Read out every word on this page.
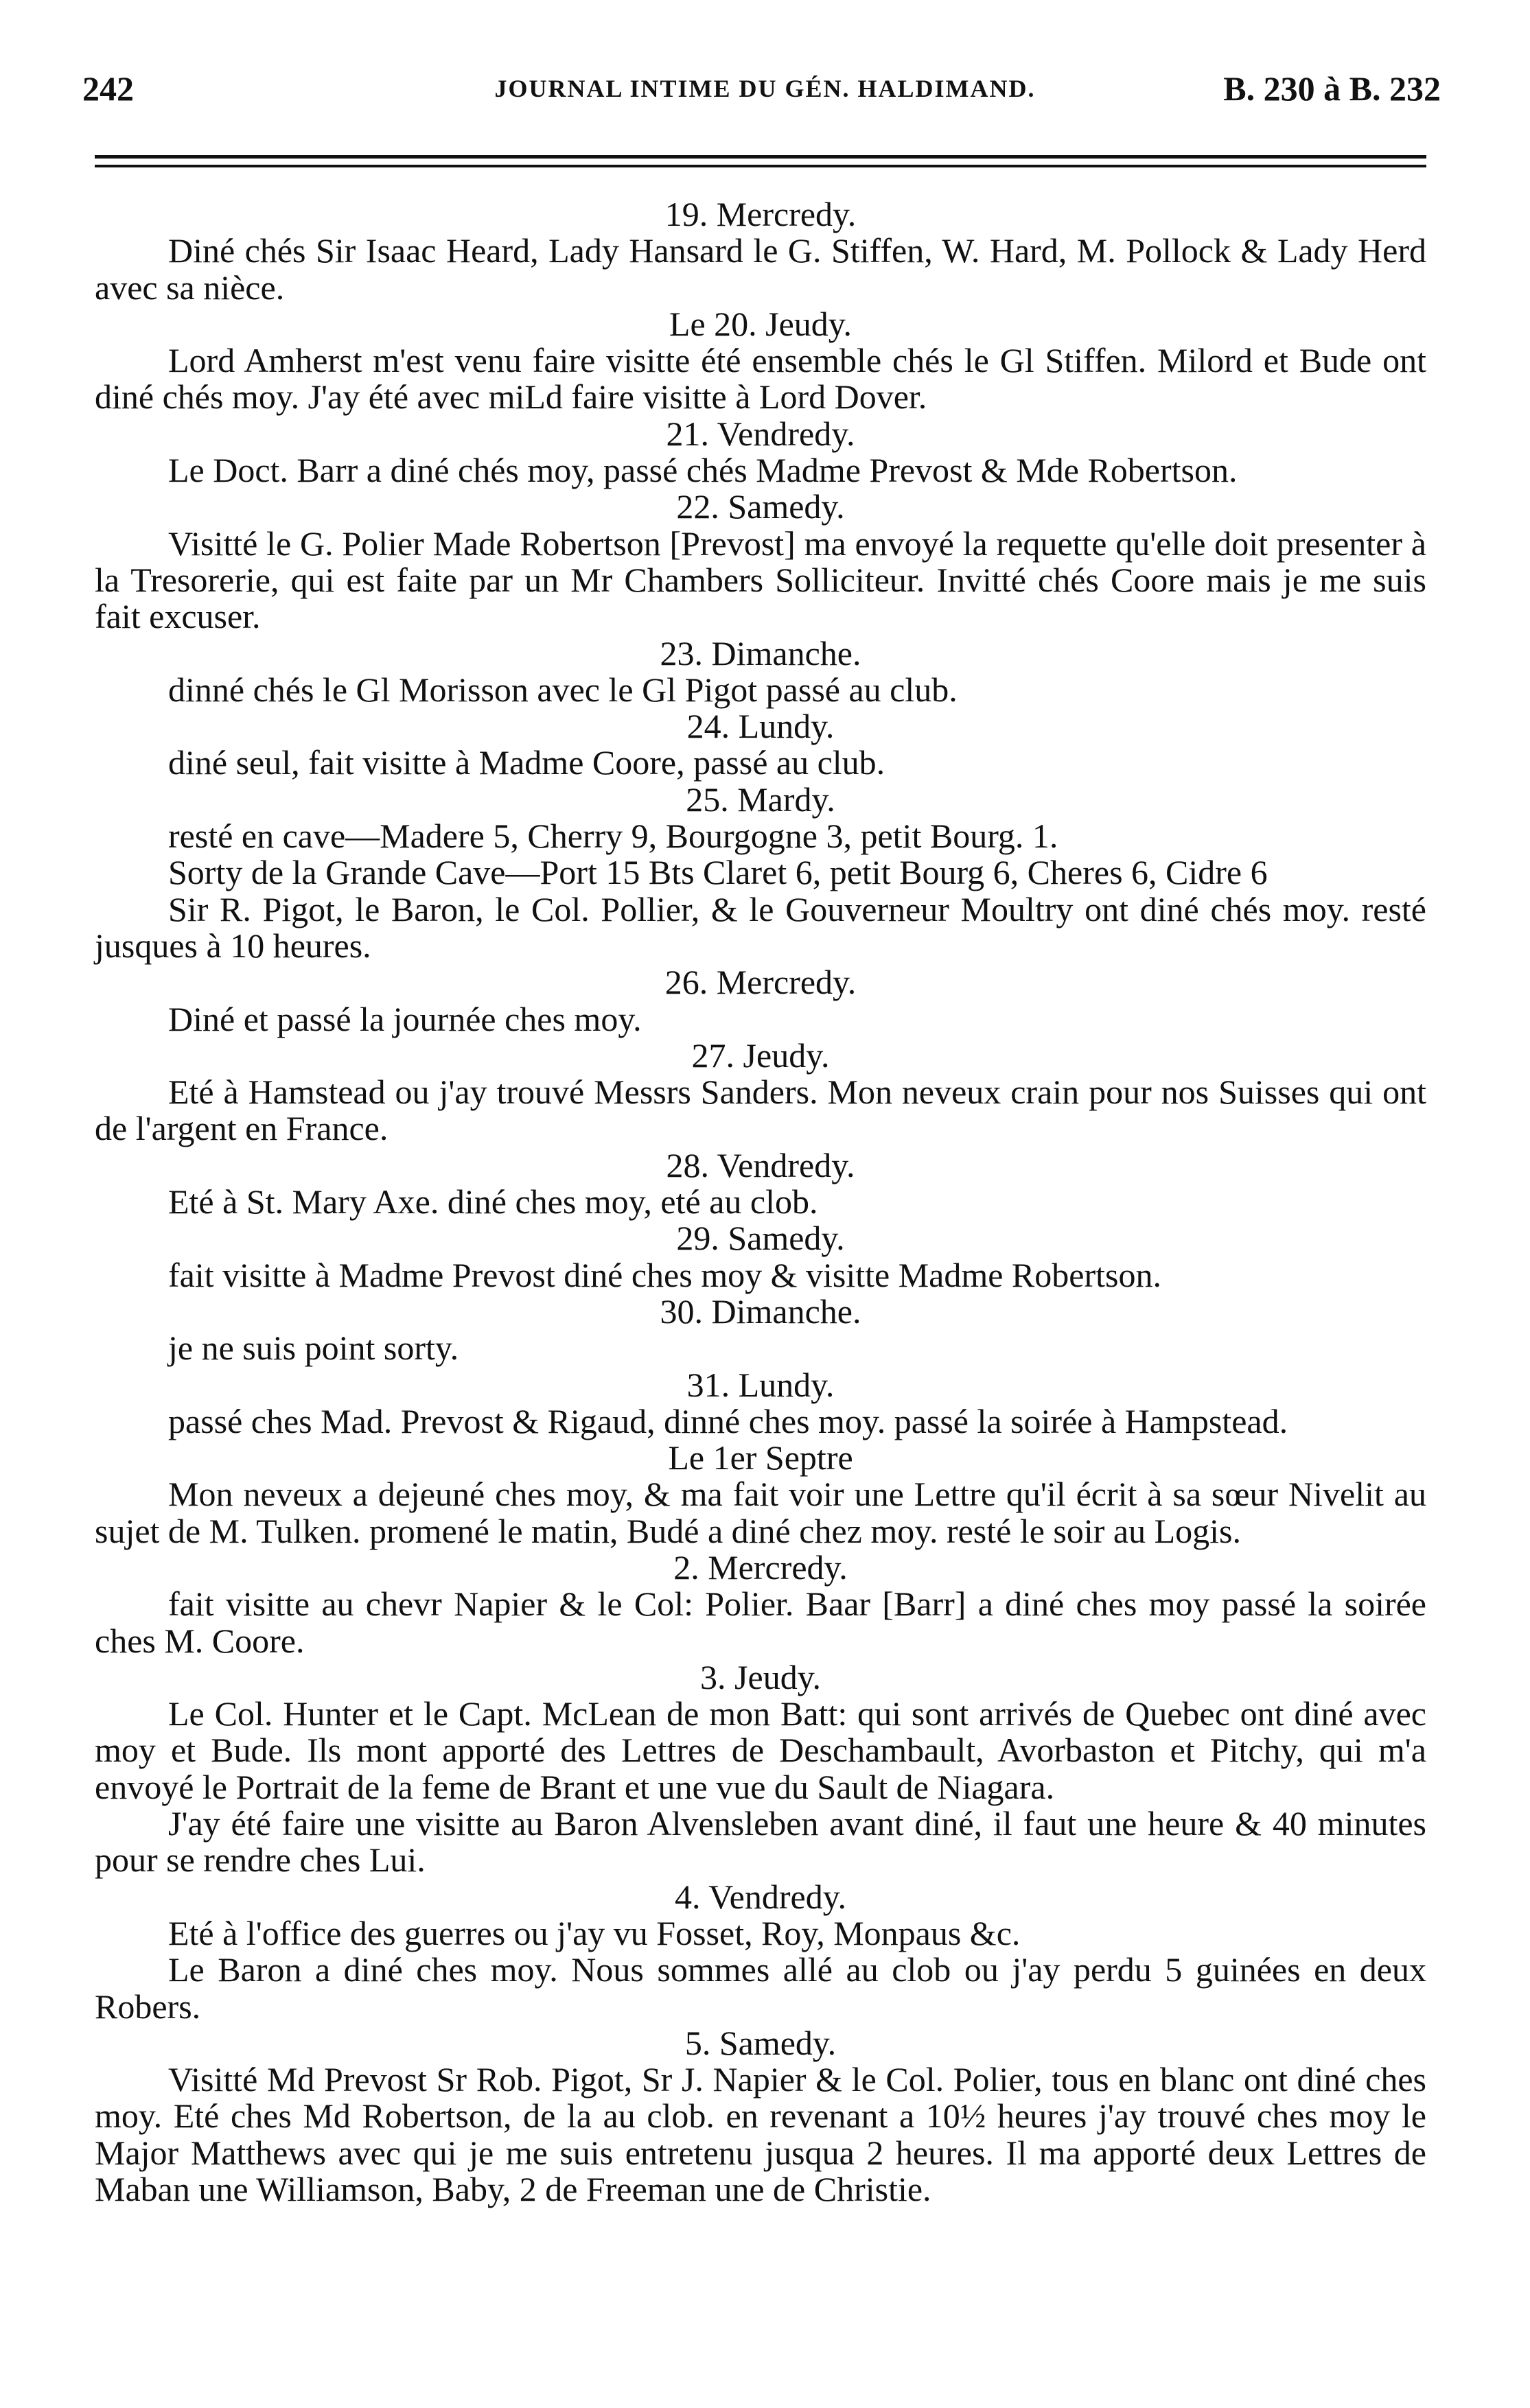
242	JOURNAL INTIME DU GÉN. HALDIMAND.	B. 230 à B. 232

19. Mercredy.

Diné chés Sir Isaac Heard, Lady Hansard le G. Stiffen, W. Hard, M. Pollock & Lady Herd avec sa nièce.

Le 20. Jeudy.

Lord Amherst m'est venu faire visitte été ensemble chés le Gl Stiffen. Milord et Bude ont diné chés moy. J'ay été avec miLd faire visitte à Lord Dover.

21. Vendredy.

Le Doct. Barr a diné chés moy, passé chés Madme Prevost & Mde Robertson.

22. Samedy.

Visitté le G. Polier Made Robertson [Prevost] ma envoyé la requette qu'elle doit presenter à la Tresorerie, qui est faite par un Mr Chambers Solliciteur. Invitté chés Coore mais je me suis fait excuser.

23. Dimanche.

dinné chés le Gl Morisson avec le Gl Pigot passé au club.

24. Lundy.

diné seul, fait visitte à Madme Coore, passé au club.

25. Mardy.

resté en cave—Madere 5, Cherry 9, Bourgogne 3, petit Bourg. 1.

Sorty de la Grande Cave—Port 15 Bts Claret 6, petit Bourg 6, Cheres 6, Cidre 6

Sir R. Pigot, le Baron, le Col. Pollier, & le Gouverneur Moultry ont diné chés moy. resté jusques à 10 heures.

26. Mercredy.

Diné et passé la journée ches moy.

27. Jeudy.

Eté à Hamstead ou j'ay trouvé Messrs Sanders. Mon neveux crain pour nos Suisses qui ont de l'argent en France.

28. Vendredy.

Eté à St. Mary Axe. diné ches moy, eté au clob.

29. Samedy.

fait visitte à Madme Prevost diné ches moy & visitte Madme Robertson.

30. Dimanche.

je ne suis point sorty.

31. Lundy.

passé ches Mad. Prevost & Rigaud, dinné ches moy. passé la soirée à Hampstead.

Le 1er Septre

Mon neveux a dejeuné ches moy, & ma fait voir une Lettre qu'il écrit à sa sœur Nivelit au sujet de M. Tulken. promené le matin, Budé a diné chez moy. resté le soir au Logis.

2. Mercredy.

fait visitte au chevr Napier & le Col: Polier. Baar [Barr] a diné ches moy passé la soirée ches M. Coore.

3. Jeudy.

Le Col. Hunter et le Capt. McLean de mon Batt: qui sont arrivés de Quebec ont diné avec moy et Bude. Ils mont apporté des Lettres de Deschambault, Avorbaston et Pitchy, qui m'a envoyé le Portrait de la feme de Brant et une vue du Sault de Niagara.

J'ay été faire une visitte au Baron Alvensleben avant diné, il faut une heure & 40 minutes pour se rendre ches Lui.

4. Vendredy.

Eté à l'office des guerres ou j'ay vu Fosset, Roy, Monpaus &c.

Le Baron a diné ches moy. Nous sommes allé au clob ou j'ay perdu 5 guinées en deux Robers.

5. Samedy.

Visitté Md Prevost Sr Rob. Pigot, Sr J. Napier & le Col. Polier, tous en blanc ont diné ches moy. Eté ches Md Robertson, de la au clob. en revenant a 10½ heures j'ay trouvé ches moy le Major Matthews avec qui je me suis entretenu jusqua 2 heures. Il ma apporté deux Lettres de Maban une Williamson, Baby, 2 de Freeman une de Christie.
